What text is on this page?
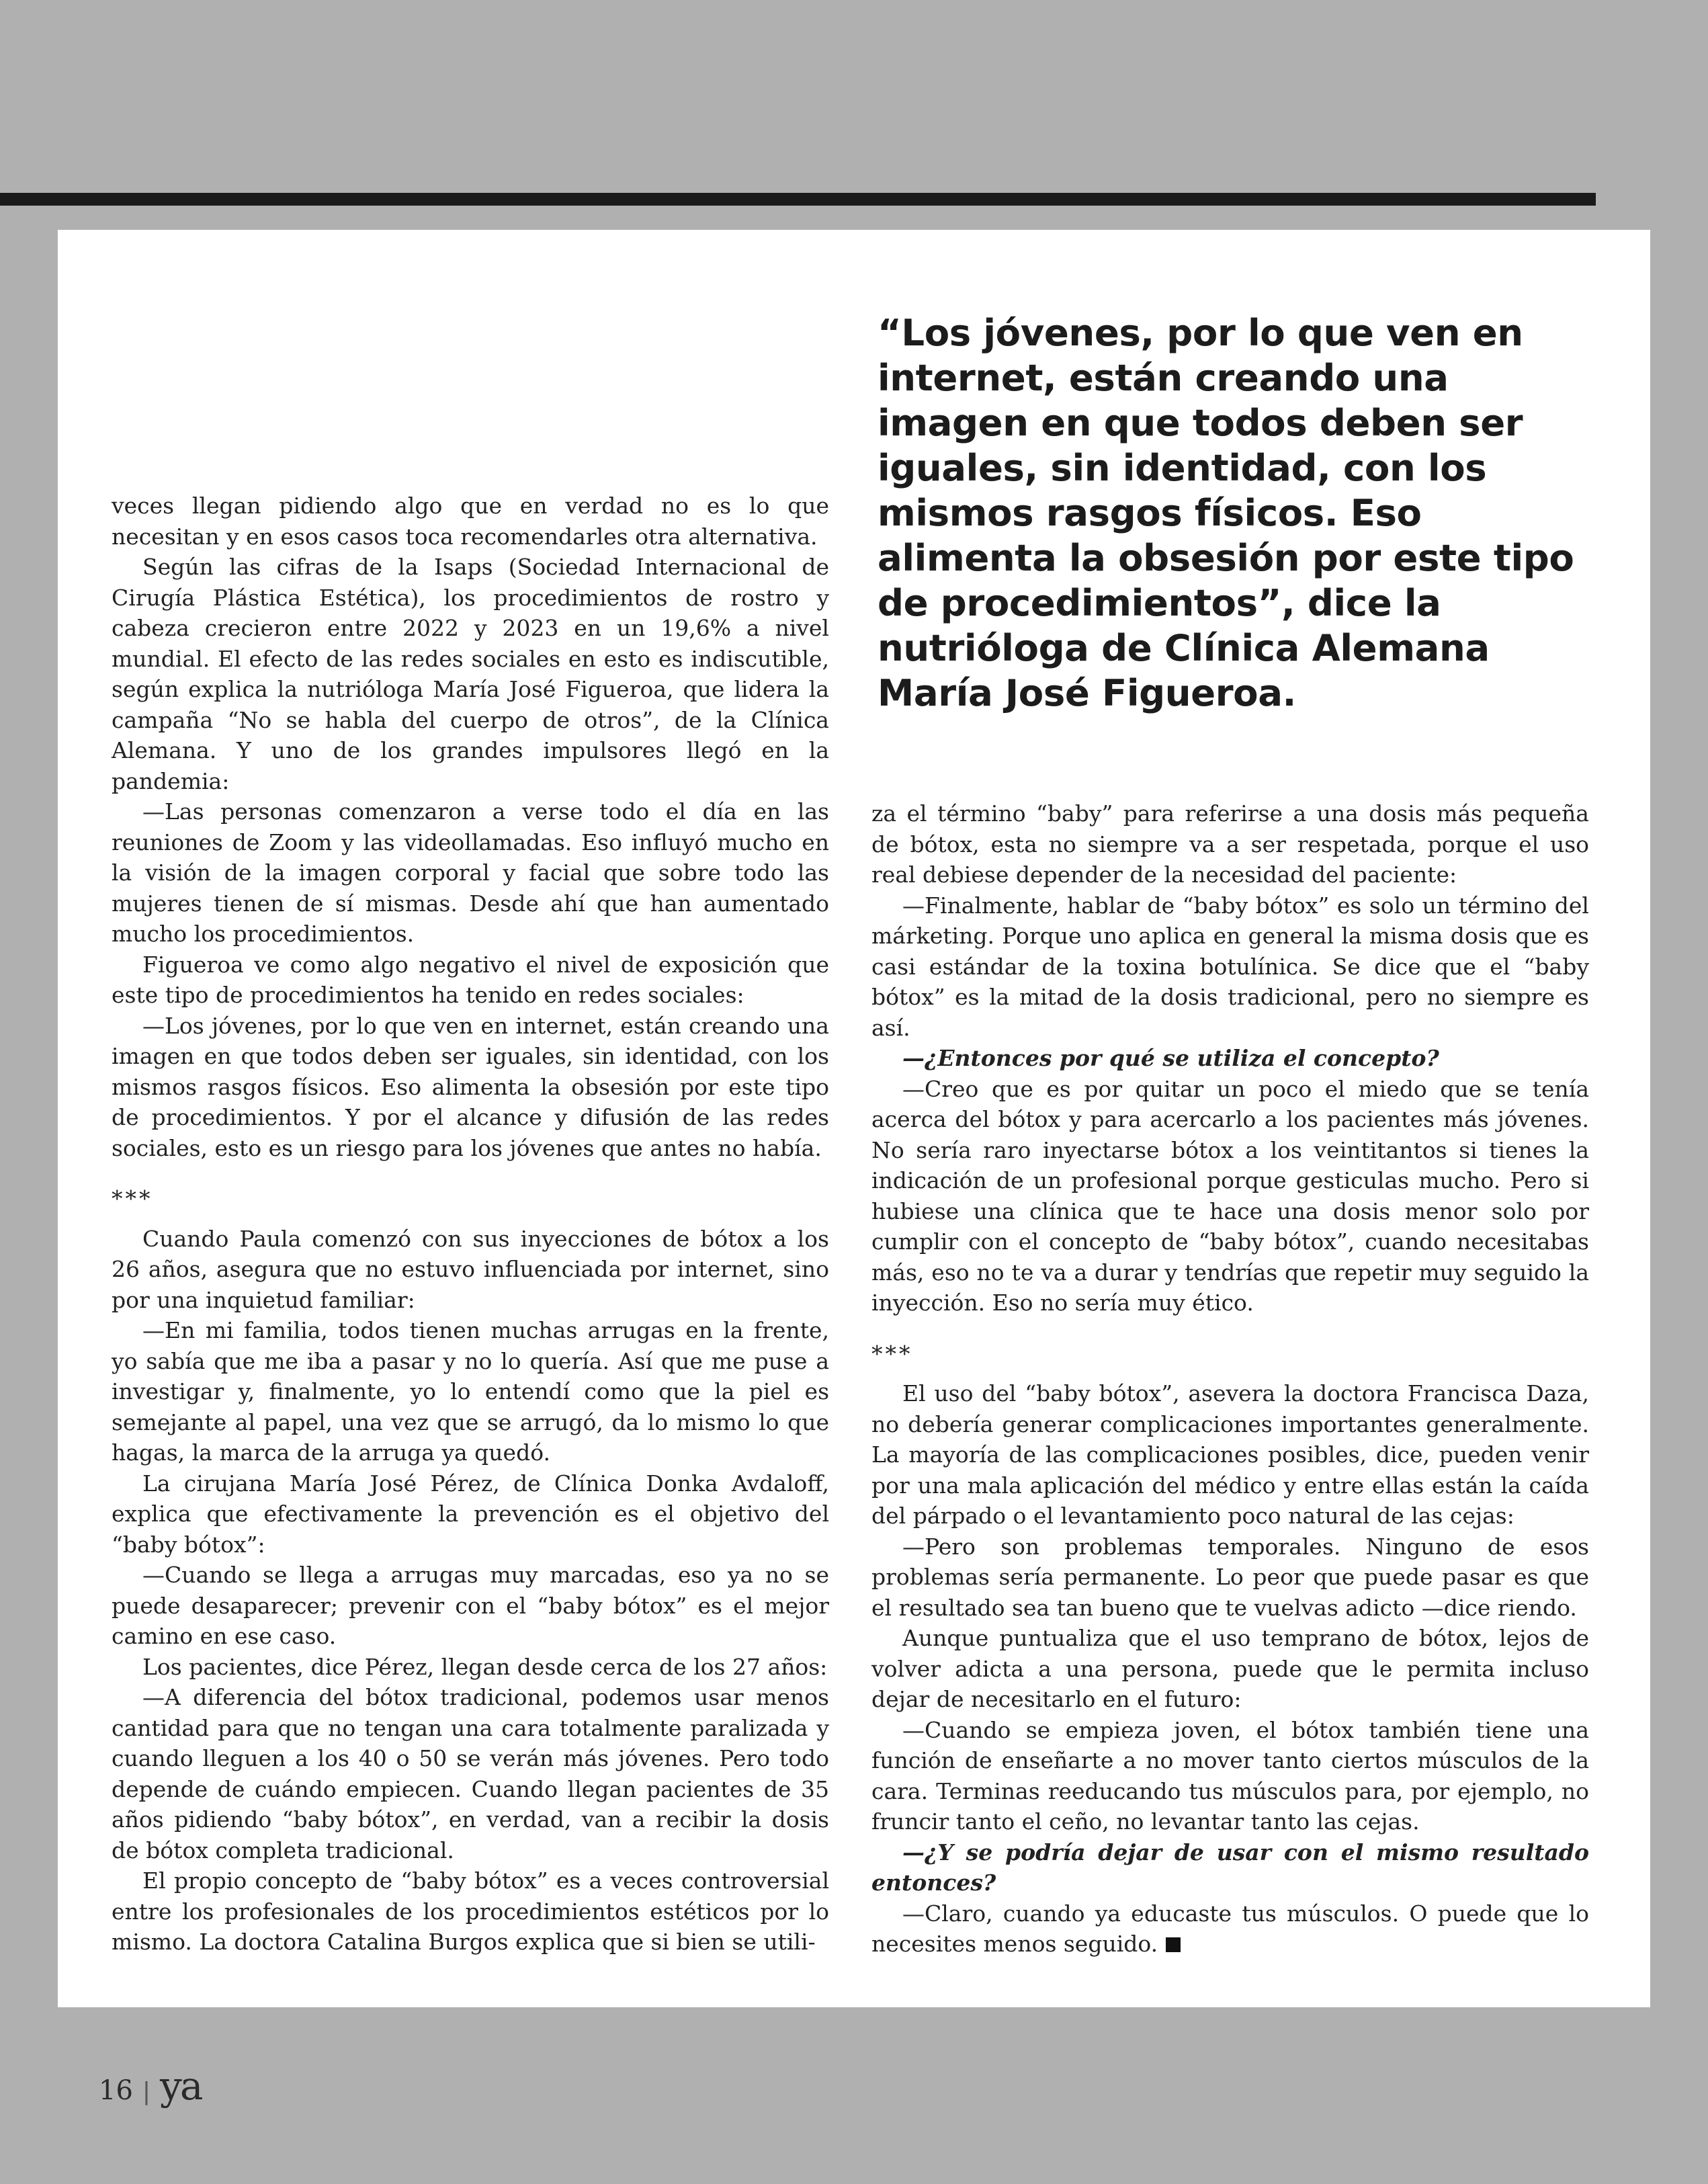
“Los jóvenes, por lo que ven en internet, están creando una imagen en que todos deben ser iguales, sin identidad, con los mismos rasgos físicos. Eso alimenta la obsesión por este tipo de procedimientos”, dice la nutrióloga de Clínica Alemana María José Figueroa.

veces llegan pidiendo algo que en verdad no es lo que necesitan y en esos casos toca recomendarles otra alternativa.

Según las cifras de la Isaps (Sociedad Internacional de Cirugía Plástica Estética), los procedimientos de rostro y cabeza crecieron entre 2022 y 2023 en un 19,6% a nivel mundial. El efecto de las redes sociales en esto es indiscutible, según explica la nutrióloga María José Figueroa, que lidera la campaña “No se habla del cuerpo de otros”, de la Clínica Alemana. Y uno de los grandes impulsores llegó en la pandemia:

—Las personas comenzaron a verse todo el día en las reuniones de Zoom y las videollamadas. Eso influyó mucho en la visión de la imagen corporal y facial que sobre todo las mujeres tienen de sí mismas. Desde ahí que han aumentado mucho los procedimientos.

Figueroa ve como algo negativo el nivel de exposición que este tipo de procedimientos ha tenido en redes sociales:

—Los jóvenes, por lo que ven en internet, están creando una imagen en que todos deben ser iguales, sin identidad, con los mismos rasgos físicos. Eso alimenta la obsesión por este tipo de procedimientos. Y por el alcance y difusión de las redes sociales, esto es un riesgo para los jóvenes que antes no había.

***

Cuando Paula comenzó con sus inyecciones de bótox a los 26 años, asegura que no estuvo influenciada por internet, sino por una inquietud familiar:

—En mi familia, todos tienen muchas arrugas en la frente, yo sabía que me iba a pasar y no lo quería. Así que me puse a investigar y, finalmente, yo lo entendí como que la piel es semejante al papel, una vez que se arrugó, da lo mismo lo que hagas, la marca de la arruga ya quedó.

La cirujana María José Pérez, de Clínica Donka Avdaloff, explica que efectivamente la prevención es el objetivo del “baby bótox”:

—Cuando se llega a arrugas muy marcadas, eso ya no se puede desaparecer; prevenir con el “baby bótox” es el mejor camino en ese caso.

Los pacientes, dice Pérez, llegan desde cerca de los 27 años:

—A diferencia del bótox tradicional, podemos usar menos cantidad para que no tengan una cara totalmente paralizada y cuando lleguen a los 40 o 50 se verán más jóvenes. Pero todo depende de cuándo empiecen. Cuando llegan pacientes de 35 años pidiendo “baby bótox”, en verdad, van a recibir la dosis de bótox completa tradicional.

El propio concepto de “baby bótox” es a veces controversial entre los profesionales de los procedimientos estéticos por lo mismo. La doctora Catalina Burgos explica que si bien se utili-

za el término “baby” para referirse a una dosis más pequeña de bótox, esta no siempre va a ser respetada, porque el uso real debiese depender de la necesidad del paciente:

—Finalmente, hablar de “baby bótox” es solo un término del márketing. Porque uno aplica en general la misma dosis que es casi estándar de la toxina botulínica. Se dice que el “baby bótox” es la mitad de la dosis tradicional, pero no siempre es así.

—¿Entonces por qué se utiliza el concepto?

—Creo que es por quitar un poco el miedo que se tenía acerca del bótox y para acercarlo a los pacientes más jóvenes. No sería raro inyectarse bótox a los veintitantos si tienes la indicación de un profesional porque gesticulas mucho. Pero si hubiese una clínica que te hace una dosis menor solo por cumplir con el concepto de “baby bótox”, cuando necesitabas más, eso no te va a durar y tendrías que repetir muy seguido la inyección. Eso no sería muy ético.

***

El uso del “baby bótox”, asevera la doctora Francisca Daza, no debería generar complicaciones importantes generalmente. La mayoría de las complicaciones posibles, dice, pueden venir por una mala aplicación del médico y entre ellas están la caída del párpado o el levantamiento poco natural de las cejas:

—Pero son problemas temporales. Ninguno de esos problemas sería permanente. Lo peor que puede pasar es que el resultado sea tan bueno que te vuelvas adicto —dice riendo.

Aunque puntualiza que el uso temprano de bótox, lejos de volver adicta a una persona, puede que le permita incluso dejar de necesitarlo en el futuro:

—Cuando se empieza joven, el bótox también tiene una función de enseñarte a no mover tanto ciertos músculos de la cara. Terminas reeducando tus músculos para, por ejemplo, no fruncir tanto el ceño, no levantar tanto las cejas.

—¿Y se podría dejar de usar con el mismo resultado entonces?

—Claro, cuando ya educaste tus músculos. O puede que lo necesites menos seguido.

16 | ya
